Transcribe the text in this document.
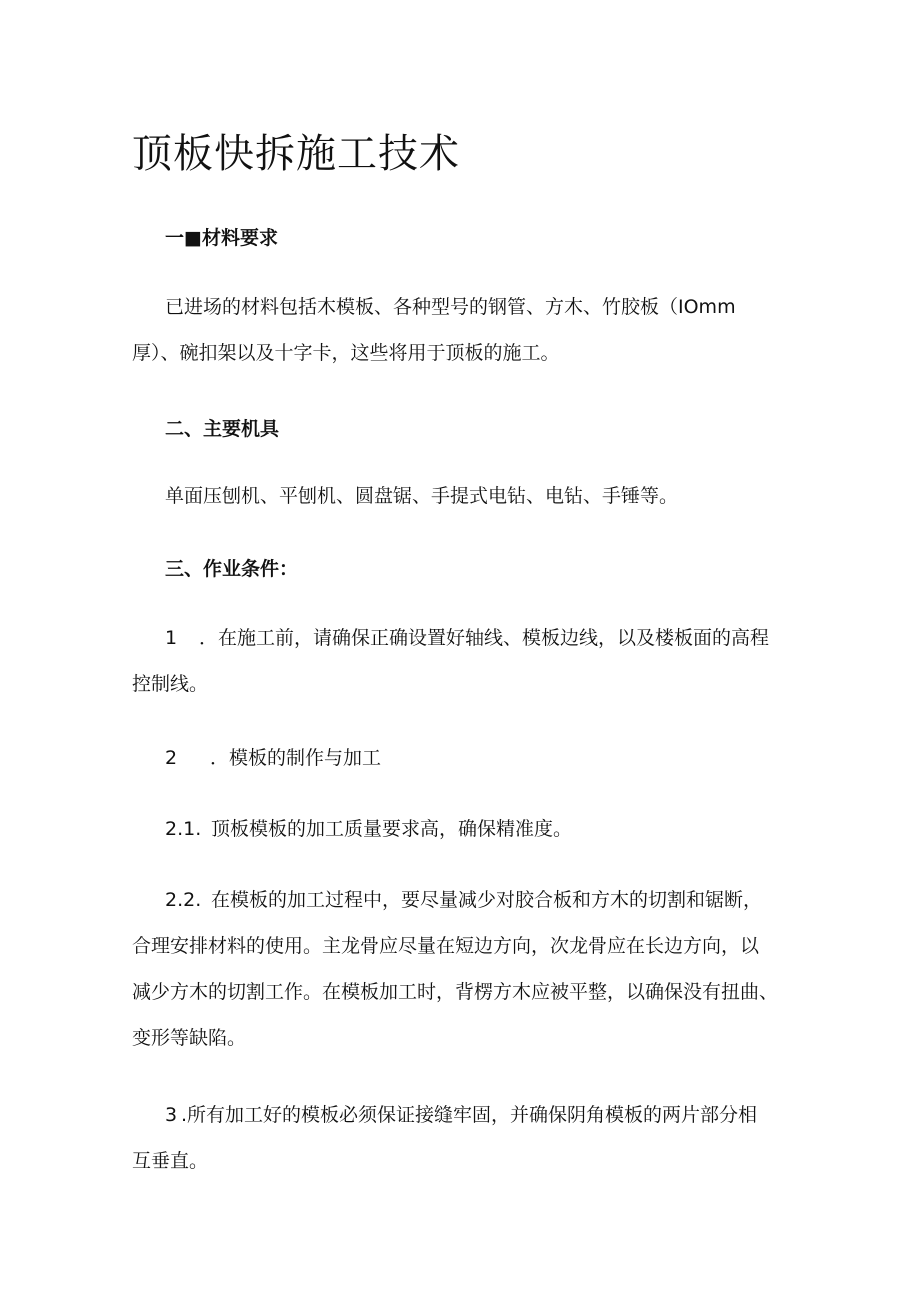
顶板快拆施工技术
一■材料要求
已进场的材料包括木模板、各种型号的钢管、方木、竹胶板（IOmm
厚）、碗扣架以及十字卡，这些将用于顶板的施工。
二、主要机具
单面压刨机、平刨机、圆盘锯、手提式电钻、电钻、手锤等。
三、作业条件：
1 ．在施工前，请确保正确设置好轴线、模板边线，以及楼板面的高程
控制线。
2 ．模板的制作与加工
2.1. 顶板模板的加工质量要求高，确保精准度。
2.2. 在模板的加工过程中，要尽量减少对胶合板和方木的切割和锯断，
合理安排材料的使用。主龙骨应尽量在短边方向，次龙骨应在长边方向，以
减少方木的切割工作。在模板加工时，背楞方木应被平整，以确保没有扭曲、
变形等缺陷。
3 .所有加工好的模板必须保证接缝牢固，并确保阴角模板的两片部分相
互垂直。
